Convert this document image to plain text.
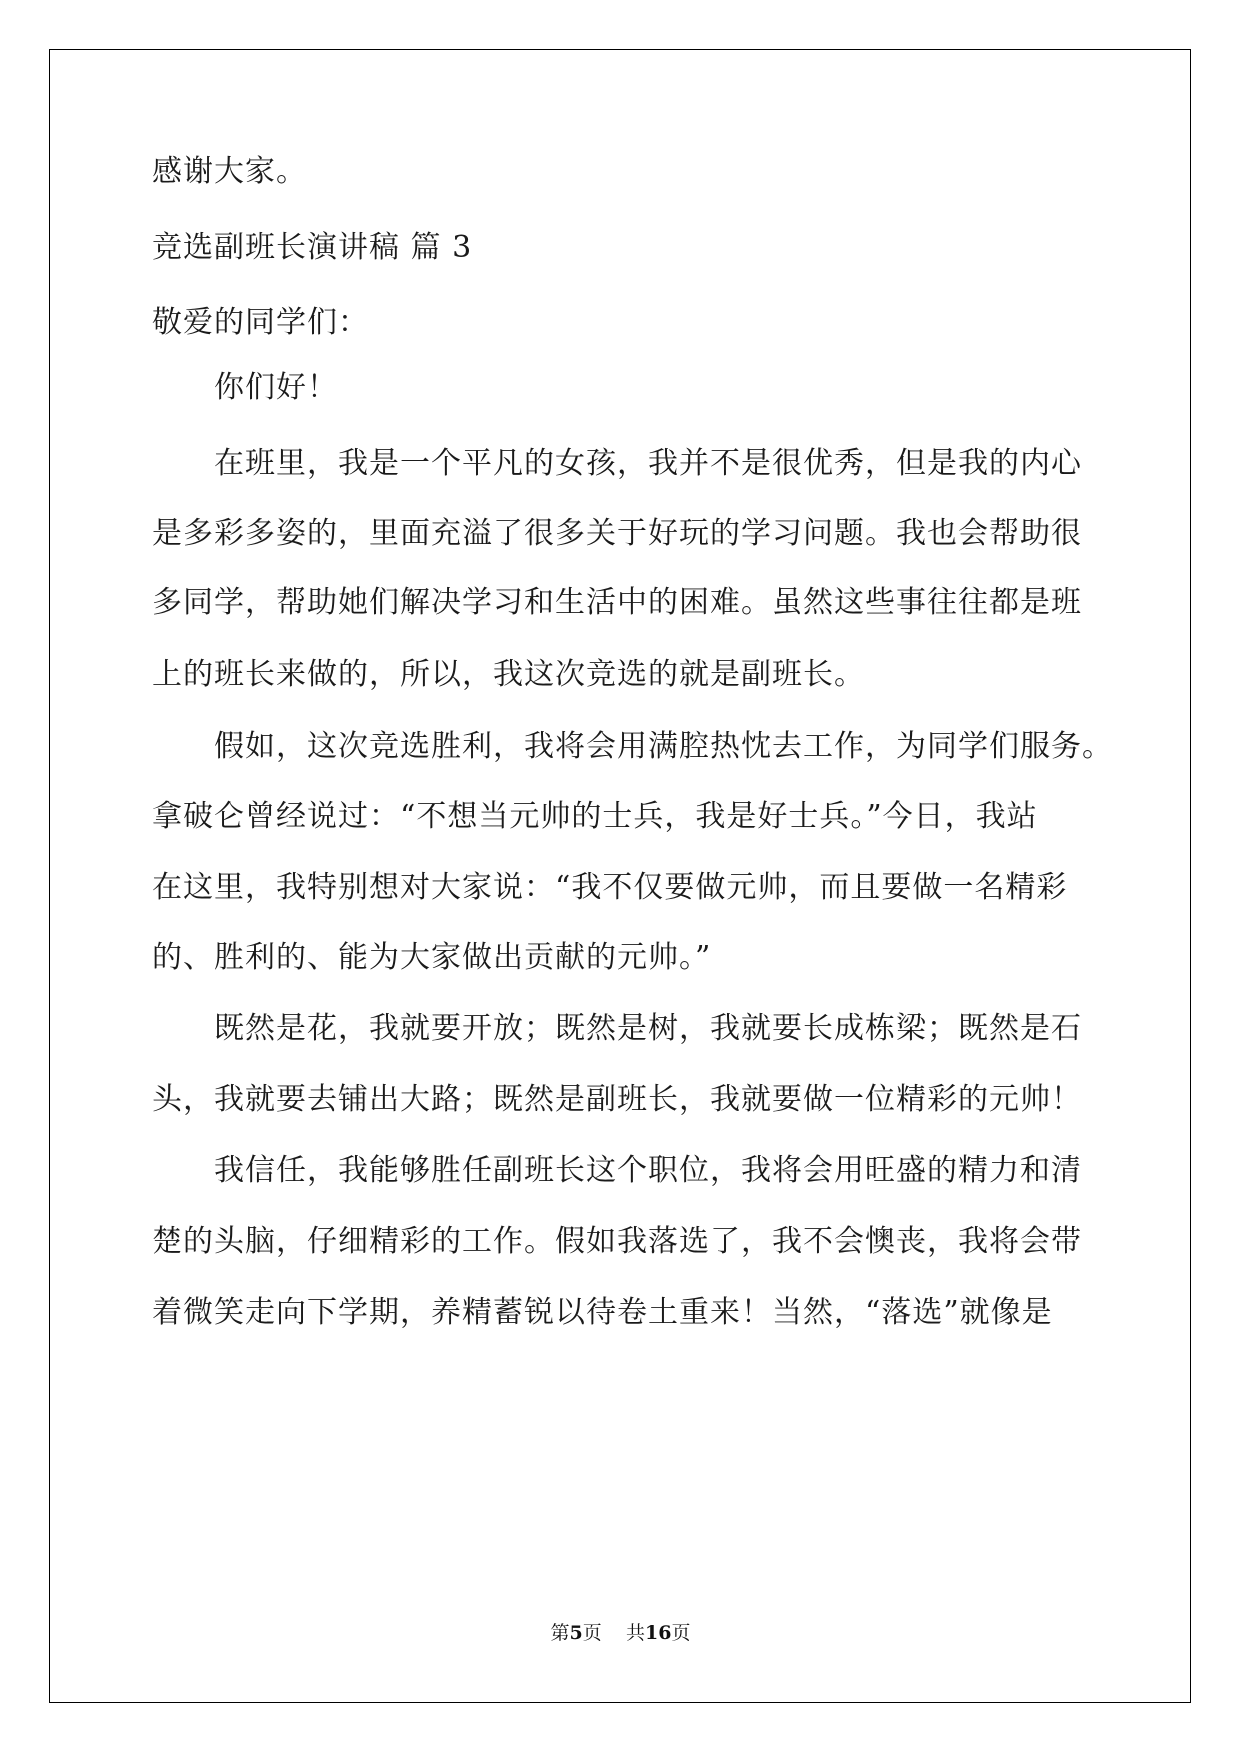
感谢大家。

竞选副班长演讲稿 篇 3

敬爱的同学们：

你们好！

在班里，我是一个平凡的女孩，我并不是很优秀，但是我的内心

是多彩多姿的，里面充溢了很多关于好玩的学习问题。我也会帮助很

多同学，帮助她们解决学习和生活中的困难。虽然这些事往往都是班

上的班长来做的，所以，我这次竞选的就是副班长。

假如，这次竞选胜利，我将会用满腔热忱去工作，为同学们服务。

拿破仑曾经说过：“不想当元帅的士兵，我是好士兵。”今日，我站

在这里，我特别想对大家说：“我不仅要做元帅，而且要做一名精彩

的、胜利的、能为大家做出贡献的元帅。”

既然是花，我就要开放；既然是树，我就要长成栋梁；既然是石

头，我就要去铺出大路；既然是副班长，我就要做一位精彩的元帅！

我信任，我能够胜任副班长这个职位，我将会用旺盛的精力和清

楚的头脑，仔细精彩的工作。假如我落选了，我不会懊丧，我将会带

着微笑走向下学期，养精蓄锐以待卷土重来！当然，“落选”就像是

第5页 共16页
